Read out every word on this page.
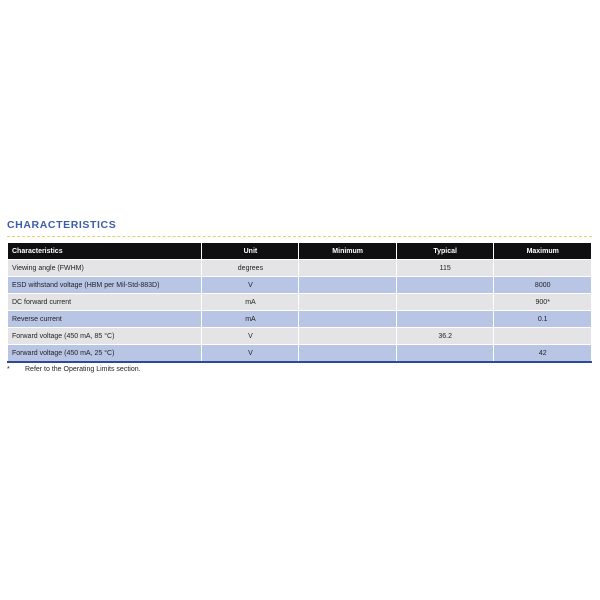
CHARACTERISTICS
Characteristics	Unit	Minimum	Typical	Maximum
Viewing angle (FWHM)	degrees		115	
ESD withstand voltage (HBM per Mil-Std-883D)	V			8000
DC forward current	mA			900*
Reverse current	mA			0.1
Forward voltage (450 mA, 85 °C)	V		36.2	
Forward voltage (450 mA, 25 °C)	V			42
* Refer to the Operating Limits section.
